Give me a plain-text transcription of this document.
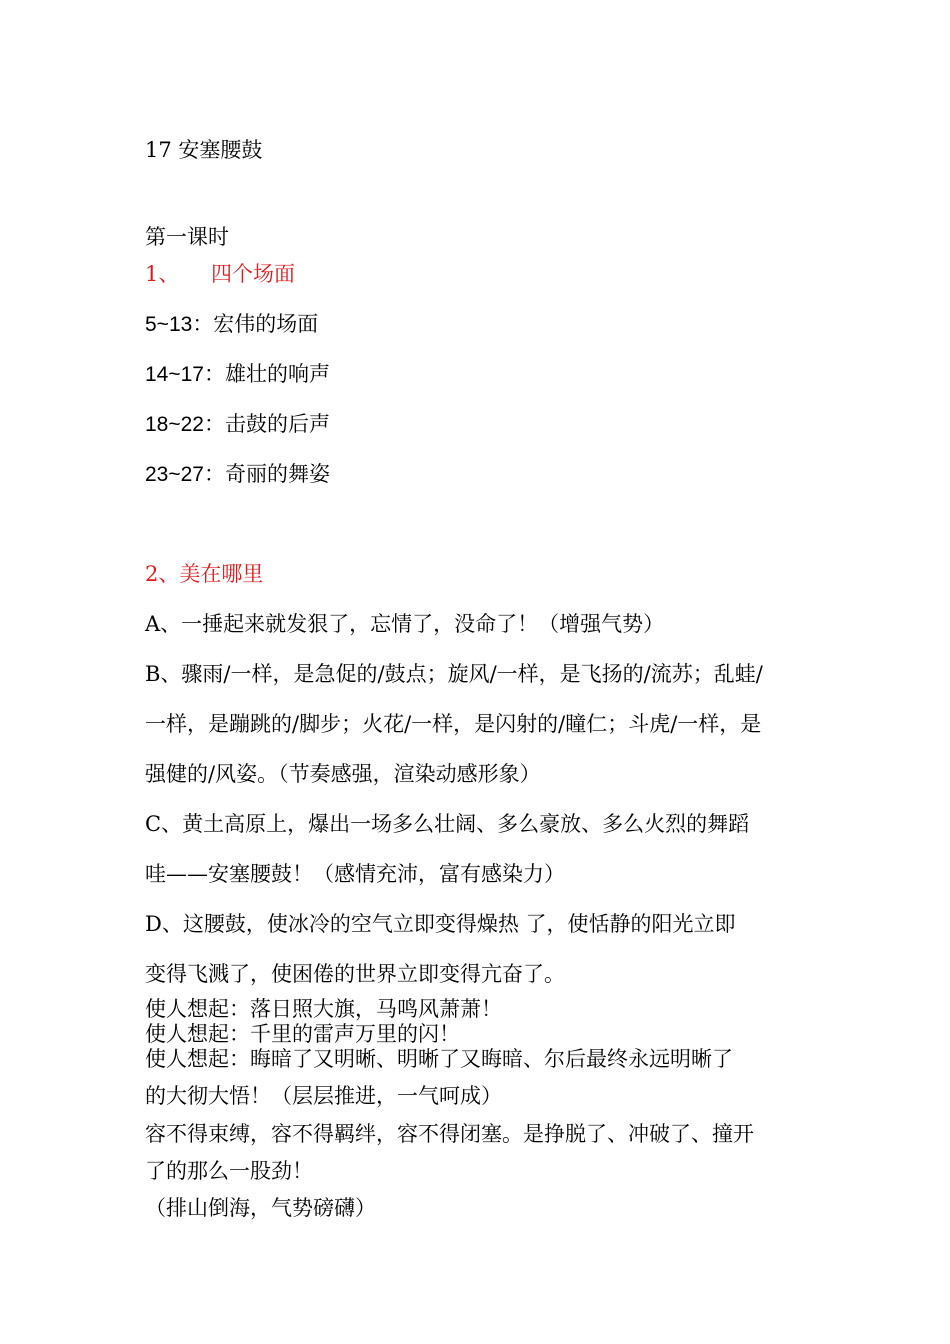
17 安塞腰鼓
第一课时
1、 四个场面
5~13：宏伟的场面
14~17：雄壮的响声
18~22：击鼓的后声
23~27：奇丽的舞姿
2、美在哪里
A、一捶起来就发狠了，忘情了，没命了！（增强气势）
B、骤雨/一样，是急促的/鼓点；旋风/一样，是飞扬的/流苏；乱蛙/
一样，是蹦跳的/脚步；火花/一样，是闪射的/瞳仁；斗虎/一样，是
强健的/风姿。（节奏感强，渲染动感形象）
C、黄土高原上，爆出一场多么壮阔、多么豪放、多么火烈的舞蹈
哇——安塞腰鼓！（感情充沛，富有感染力）
D、这腰鼓，使冰冷的空气立即变得燥热 了，使恬静的阳光立即
变得飞溅了，使困倦的世界立即变得亢奋了。
使人想起：落日照大旗，马鸣风萧萧！
使人想起：千里的雷声万里的闪！
使人想起：晦暗了又明晰、明晰了又晦暗、尔后最终永远明晰了
的大彻大悟！（层层推进，一气呵成）
容不得束缚，容不得羁绊，容不得闭塞。是挣脱了、冲破了、撞开
了的那么一股劲！
（排山倒海，气势磅礴）
